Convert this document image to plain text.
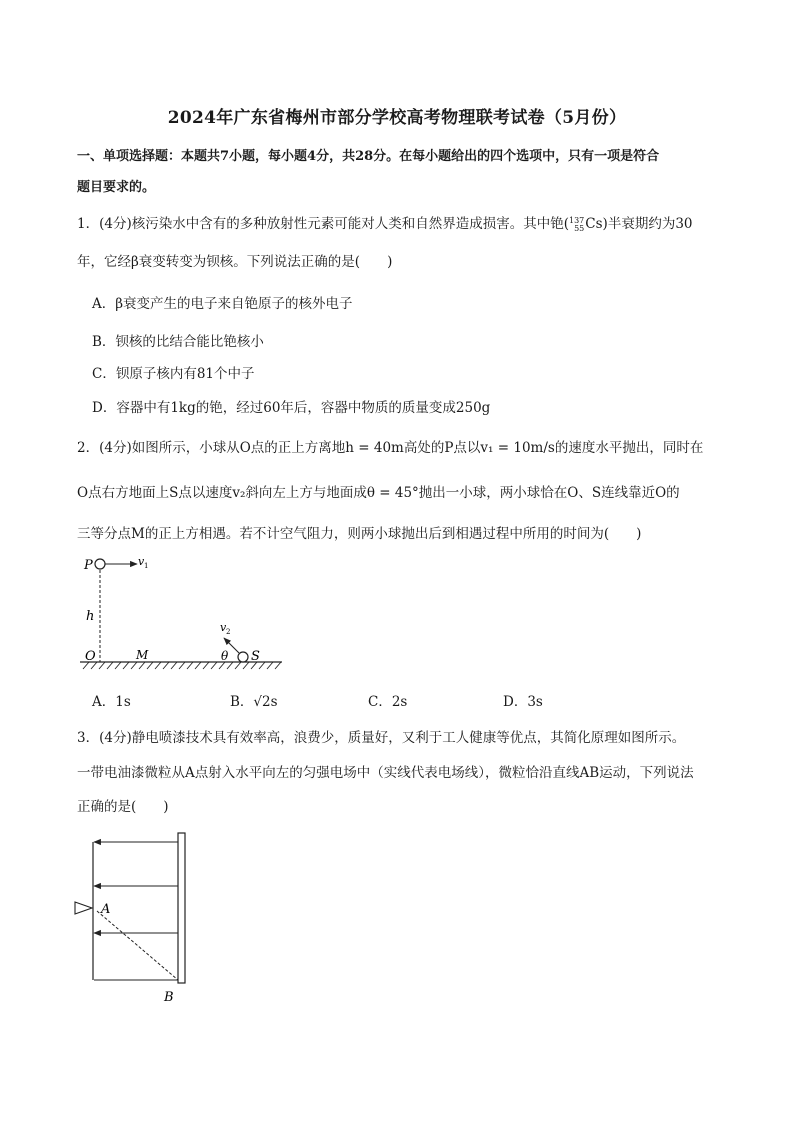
2024年广东省梅州市部分学校高考物理联考试卷（5月份）
一、单项选择题：本题共7小题，每小题4分，共28分。在每小题给出的四个选项中，只有一项是符合
题目要求的。
1．(4分)核污染水中含有的多种放射性元素可能对人类和自然界造成损害。其中铯( 137
55 Cs)半衰期约为30
年，它经β衰变转变为钡核。下列说法正确的是(　　)
A．β衰变产生的电子来自铯原子的核外电子
B．钡核的比结合能比铯核小
C．钡原子核内有81个中子
D．容器中有1kg的铯，经过60年后，容器中物质的质量变成250g
2．(4分)如图所示，小球从O点的正上方离地h = 40m高处的P点以v₁ = 10m/s的速度水平抛出，同时在
O点右方地面上S点以速度v₂斜向左上方与地面成θ = 45°抛出一小球，两小球恰在O、S连线靠近O的
三等分点M的正上方相遇。若不计空气阻力，则两小球抛出后到相遇过程中所用的时间为(　　)
P	v 1
h
O	M
v 2
θ S
A．1s	B．√2s	C．2s	D．3s
3．(4分)静电喷漆技术具有效率高，浪费少，质量好，又利于工人健康等优点，其简化原理如图所示。
一带电油漆微粒从A点射入水平向左的匀强电场中（实线代表电场线），微粒恰沿直线AB运动，下列说法
正确的是(　　)
A
B
